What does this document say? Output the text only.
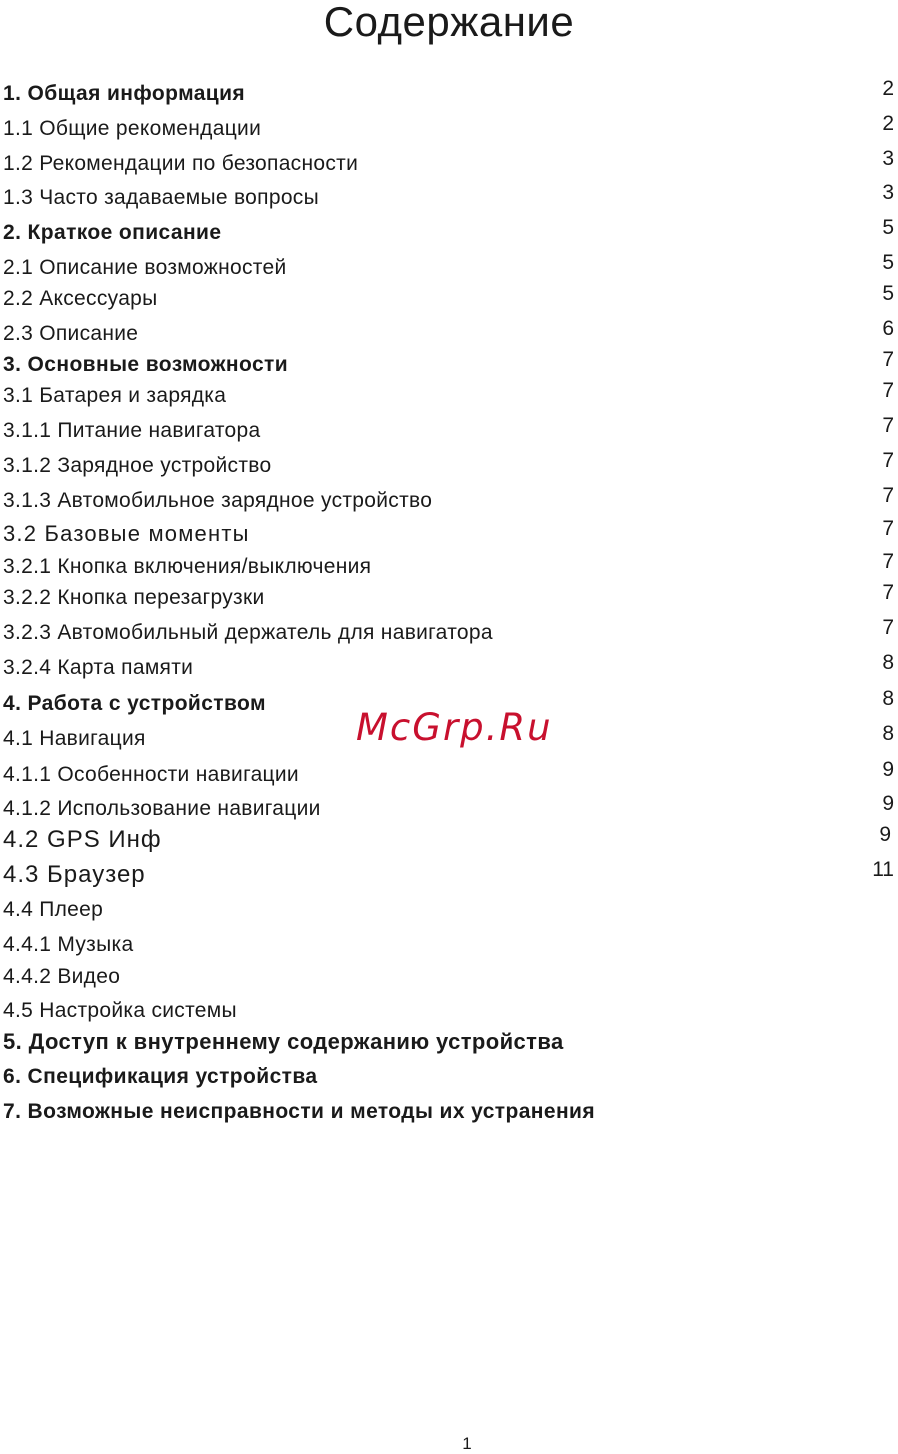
Содержание
1. Общая информация	2
1.1 Общие рекомендации	2
1.2 Рекомендации по безопасности	3
1.3 Часто задаваемые вопросы	3
2. Краткое описание	5
2.1 Описание возможностей	5
2.2 Аксессуары	5
2.3 Описание	6
3. Основные возможности	7
3.1 Батарея и зарядка	7
3.1.1 Питание навигатора	7
3.1.2 Зарядное устройство	7
3.1.3 Автомобильное зарядное устройство	7
3.2 Базовые моменты	7
3.2.1 Кнопка включения/выключения	7
3.2.2 Кнопка перезагрузки	7
3.2.3 Автомобильный держатель для навигатора	7
3.2.4 Карта памяти	8
4. Работа с устройством	8
4.1 Навигация	8
4.1.1 Особенности навигации	9
4.1.2 Использование навигации	9
4.2 GPS Инф	9
4.3 Браузер	11
4.4 Плеер
4.4.1 Музыка
4.4.2 Видео
4.5 Настройка системы
5. Доступ к внутреннему содержанию устройства
6. Спецификация устройства
7. Возможные неисправности и методы их устранения
McGrp.Ru
1
